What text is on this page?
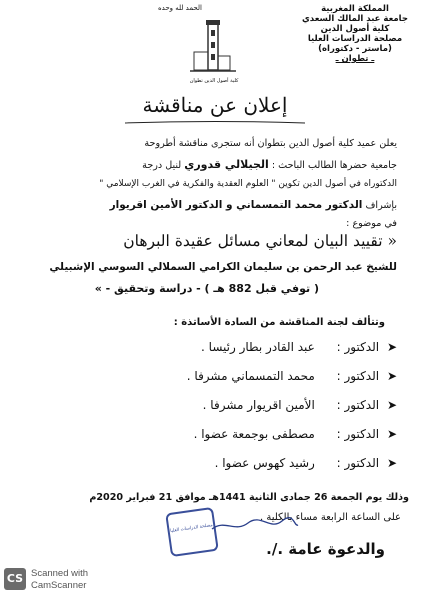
المملكة المغربية
جامعة عبد المالك السعدي
كلية أصول الدين
مصلحة الدراسات العليا
(ماستر - دكتوراه)
ـ تطوان ـ
الحمد لله وحده
كلية أصول الدين تطوان
إعلان عن مناقشة
يعلن عميد كلية أصول الدين بتطوان أنه ستجرى مناقشة أطروحة
جامعية حضرها الطالب الباحث : الجيلالي قدوري لنيل درجة
الدكتوراه في أصول الدين تكوين " العلوم العقدية والفكرية في الغرب الإسلامي "
بإشراف الدكتور محمد التمسماني و الدكتور الأمين اقريوار
في موضوع :
« تقييد البيان لمعاني مسائل عقيدة البرهان
للشيخ عبد الرحمن بن سليمان الكرامي السملالي السوسي الإشبيلي
( توفي قبل 882 هـ ) - دراسة وتحقيق - »
وتتألف لجنة المناقشة من السادة الأساتذة :
➤ الدكتور : عبد القادر بطار رئيسا .
➤ الدكتور : محمد التمسماني مشرفا .
➤ الدكتور : الأمين اقريوار مشرفا .
➤ الدكتور : مصطفى بوجمعة عضوا .
➤ الدكتور : رشيد كهوس عضوا .
وذلك يوم الجمعة 26 جمادى الثانية 1441هـ موافق 21 فبراير 2020م
على الساعة الرابعة مساء بالكلية .
والدعوة عامة ./.
مصلحة الدراسات العليا
CS Scanned with
CamScanner
